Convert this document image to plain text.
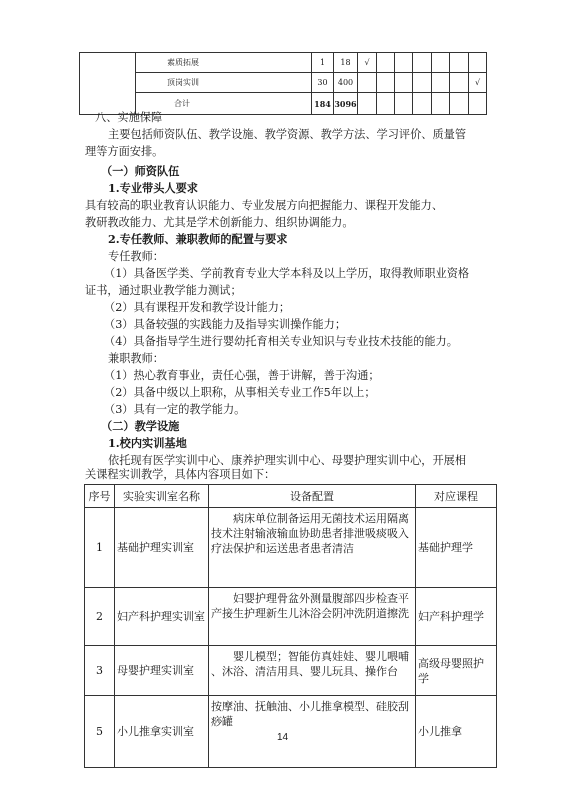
	素质拓展	1	18	√						
	顶岗实训	30	400							√
	合计	184	3096							
八、实施保障
主要包括师资队伍、教学设施、教学资源、教学方法、学习评价、质量管
理等方面安排。
（一）师资队伍
1.专业带头人要求
具有较高的职业教育认识能力、专业发展方向把握能力、课程开发能力、
教研教改能力、尤其是学术创新能力、组织协调能力。
2.专任教师、兼职教师的配置与要求
专任教师：
（1）具备医学类、学前教育专业大学本科及以上学历，取得教师职业资格
证书，通过职业教学能力测试；
（2）具有课程开发和教学设计能力；
（3）具备较强的实践能力及指导实训操作能力；
（4）具备指导学生进行婴幼托育相关专业知识与专业技术技能的能力。
兼职教师：
（1）热心教育事业，责任心强，善于讲解，善于沟通；
（2）具备中级以上职称，从事相关专业工作5年以上；
（3）具有一定的教学能力。
（二）教学设施
1.校内实训基地
序号	实验实训室名称	设备配置	对应课程
1	基础护理实训室	病床单位制备运用无菌技术运用隔离
技术注射输液输血协助患者排泄吸痰吸入
疗法保护和运送患者患者清洁	基础护理学
2	妇产科护理实训室	妇婴护理骨盆外测量腹部四步检查平
产接生护理新生儿沐浴会阴冲洗阴道擦洗	妇产科护理学
3	母婴护理实训室	婴儿模型；智能仿真娃娃、婴儿喂哺
、沐浴、清洁用具、婴儿玩具、操作台	高级母婴照护学
5	小儿推拿实训室	按摩油、抚触油、小儿推拿模型、硅胶刮
痧罐	小儿推拿
14
依托现有医学实训中心、康养护理实训中心、母婴护理实训中心，开展相
关课程实训教学，具体内容项目如下：
